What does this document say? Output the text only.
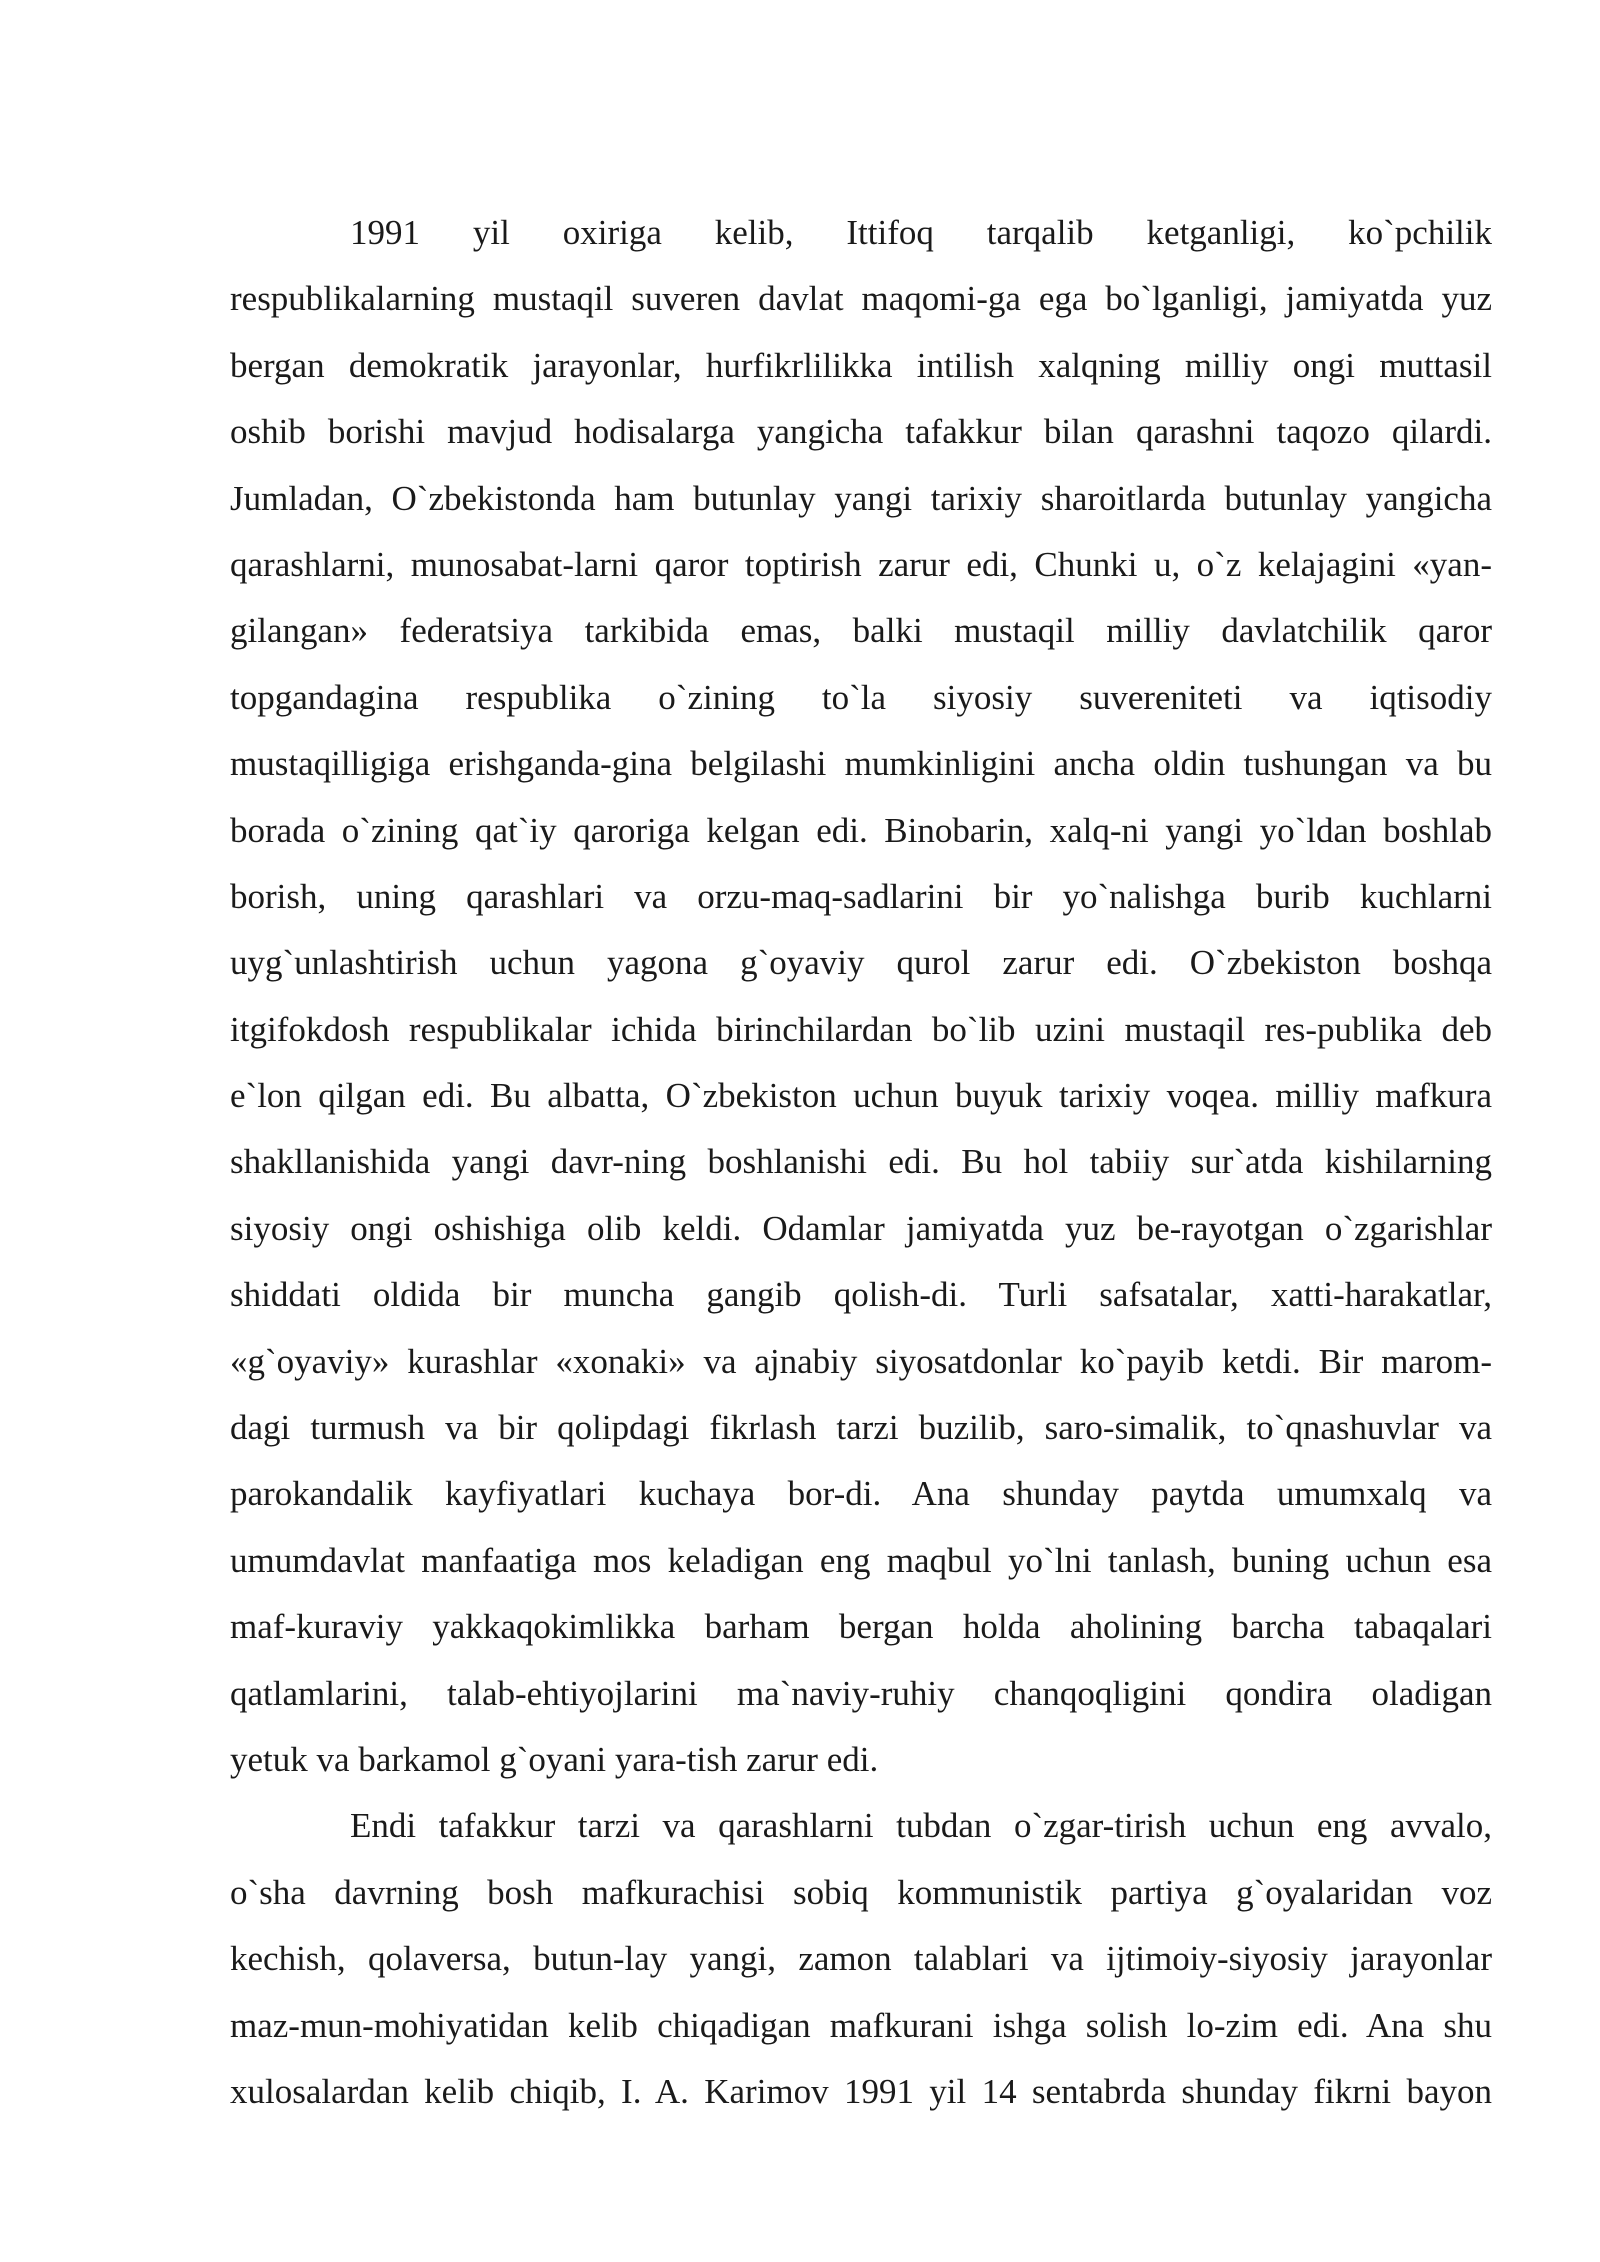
1991 yil oxiriga kelib, Ittifoq tarqalib ketganligi, ko`pchilik
respublikalarning mustaqil suveren davlat maqomi-ga ega bo`lganligi, jamiyatda yuz
bergan demokratik jarayonlar, hurfikrlilikka intilish xalqning milliy ongi muttasil
oshib borishi mavjud hodisalarga yangicha tafakkur bilan qarashni taqozo qilardi.
Jumladan, O`zbekistonda ham butunlay yangi tarixiy sharoitlarda butunlay yangicha
qarashlarni, munosabat-larni qaror toptirish zarur edi, Chunki u, o`z kelajagini «yan-
gilangan» federatsiya tarkibida emas, balki mustaqil milliy davlatchilik qaror
topgandagina respublika o`zining to`la siyosiy suvereniteti va iqtisodiy
mustaqilligiga erishganda-gina belgilashi mumkinligini ancha oldin tushungan va bu
borada o`zining qat`iy qaroriga kelgan edi. Binobarin, xalq-ni yangi yo`ldan boshlab
borish, uning qarashlari va orzu-maq-sadlarini bir yo`nalishga burib kuchlarni
uyg`unlashtirish uchun yagona g`oyaviy qurol zarur edi. O`zbekiston boshqa
itgifokdosh respublikalar ichida birinchilardan bo`lib uzini mustaqil res-publika deb
e`lon qilgan edi. Bu albatta, O`zbekiston uchun buyuk tarixiy voqea. milliy mafkura
shakllanishida yangi davr-ning boshlanishi edi. Bu hol tabiiy sur`atda kishilarning
siyosiy ongi oshishiga olib keldi. Odamlar jamiyatda yuz be-rayotgan o`zgarishlar
shiddati oldida bir muncha gangib qolish-di. Turli safsatalar, xatti-harakatlar,
«g`oyaviy» kurashlar «xonaki» va ajnabiy siyosatdonlar ko`payib ketdi. Bir marom-
dagi turmush va bir qolipdagi fikrlash tarzi buzilib, saro-simalik, to`qnashuvlar va
parokandalik kayfiyatlari kuchaya bor-di. Ana shunday paytda umumxalq va
umumdavlat manfaatiga mos keladigan eng maqbul yo`lni tanlash, buning uchun esa
maf-kuraviy yakkaqokimlikka barham bergan holda aholining barcha tabaqalari
qatlamlarini, talab-ehtiyojlarini ma`naviy-ruhiy chanqoqligini qondira oladigan
yetuk va barkamol g`oyani yara-tish zarur edi.
Endi tafakkur tarzi va qarashlarni tubdan o`zgar-tirish uchun eng avvalo,
o`sha davrning bosh mafkurachisi sobiq kommunistik partiya g`oyalaridan voz
kechish, qolaversa, butun-lay yangi, zamon talablari va ijtimoiy-siyosiy jarayonlar
maz-mun-mohiyatidan kelib chiqadigan mafkurani ishga solish lo-zim edi. Ana shu
xulosalardan kelib chiqib, I. A. Karimov 1991 yil 14 sentabrda shunday fikrni bayon
